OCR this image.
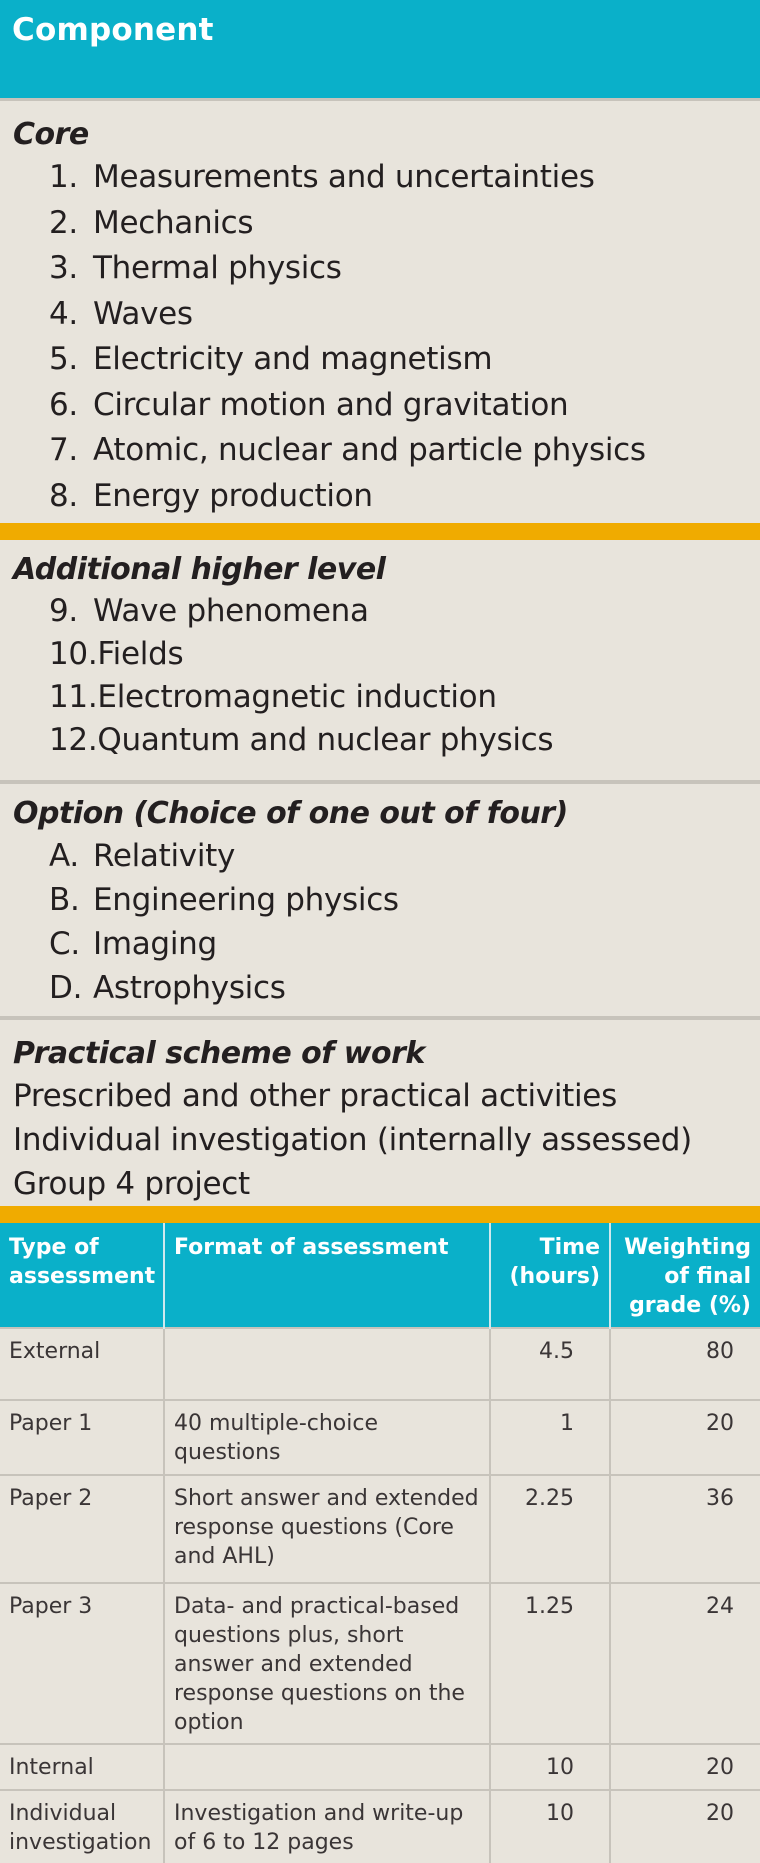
Component
Core
1. Measurements and uncertainties
2. Mechanics
3. Thermal physics
4. Waves
5. Electricity and magnetism
6. Circular motion and gravitation
7. Atomic, nuclear and particle physics
8. Energy production
Additional higher level
9. Wave phenomena
10.Fields
11.Electromagnetic induction
12.Quantum and nuclear physics
Option (Choice of one out of four)
A. Relativity
B. Engineering physics
C. Imaging
D. Astrophysics
Practical scheme of work
Prescribed and other practical activities
Individual investigation (internally assessed)
Group 4 project
Type of assessment	Format of assessment	Time (hours)	Weighting of final grade (%)
External		4.5	80
Paper 1	40 multiple-choice questions	1	20
Paper 2	Short answer and extended response questions (Core and AHL)	2.25	36
Paper 3	Data- and practical-based questions plus, short answer and extended response questions on the option	1.25	24
Internal		10	20
Individual investigation	Investigation and write-up of 6 to 12 pages	10	20
